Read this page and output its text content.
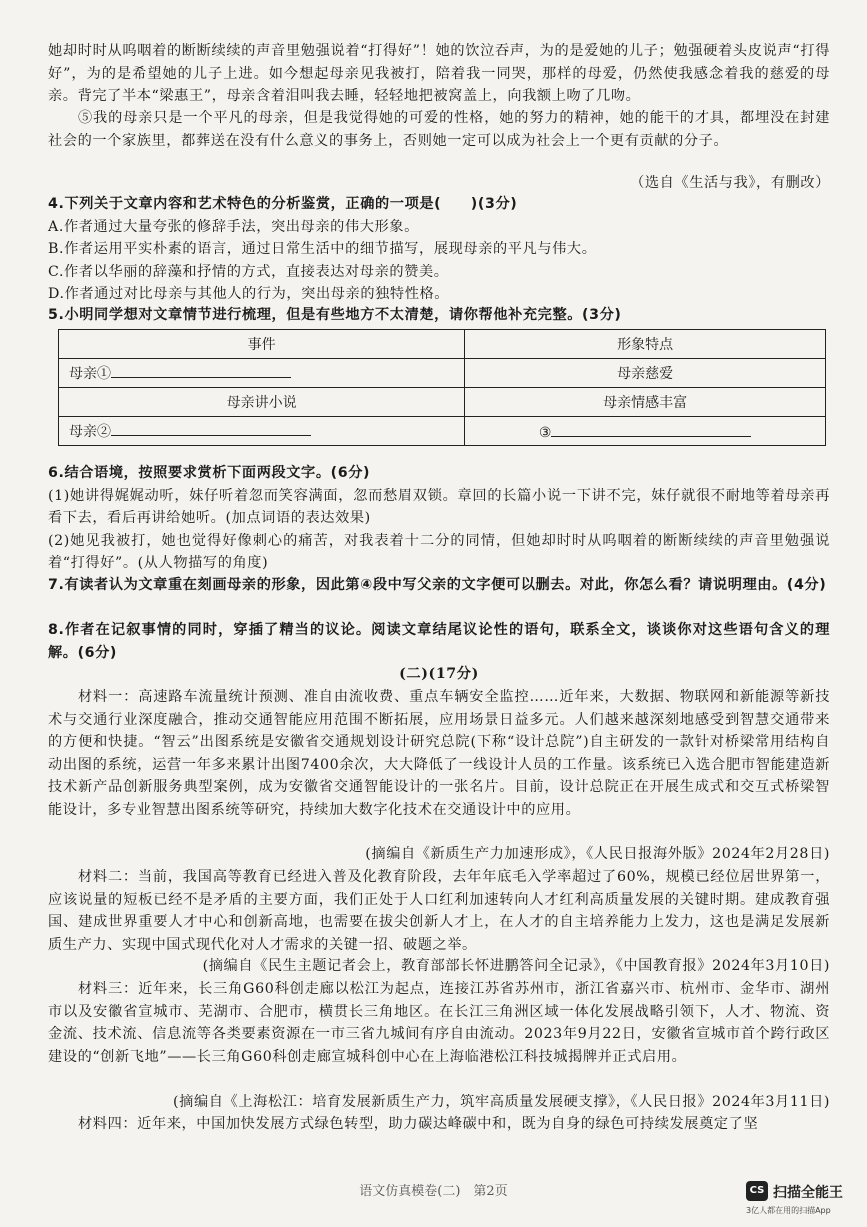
她却时时从呜咽着的断断续续的声音里勉强说着“打得好”！她的饮泣吞声，为的是爱她的儿子；勉强硬着头皮说声“打得好”，为的是希望她的儿子上进。如今想起母亲见我被打，陪着我一同哭，那样的母爱，仍然使我感念着我的慈爱的母亲。背完了半本“梁惠王”，母亲含着泪叫我去睡，轻轻地把被窝盖上，向我额上吻了几吻。
⑤我的母亲只是一个平凡的母亲，但是我觉得她的可爱的性格，她的努力的精神，她的能干的才具，都埋没在封建社会的一个家族里，都葬送在没有什么意义的事务上，否则她一定可以成为社会上一个更有贡献的分子。
（选自《生活与我》，有删改）
4.下列关于文章内容和艺术特色的分析鉴赏，正确的一项是(　　)(3分)
A.作者通过大量夸张的修辞手法，突出母亲的伟大形象。
B.作者运用平实朴素的语言，通过日常生活中的细节描写，展现母亲的平凡与伟大。
C.作者以华丽的辞藻和抒情的方式，直接表达对母亲的赞美。
D.作者通过对比母亲与其他人的行为，突出母亲的独特性格。
5.小明同学想对文章情节进行梳理，但是有些地方不太清楚，请你帮他补充完整。(3分)
事件	形象特点
母亲①	母亲慈爱
母亲讲小说	母亲情感丰富
母亲②	③
6.结合语境，按照要求赏析下面两段文字。(6分)
(1)她讲得娓娓动听，妹仔听着忽而笑容满面，忽而愁眉双锁。章回的长篇小说一下讲不完，妹仔就很不耐地等着母亲再看下去，看后再讲给她听。(加点词语的表达效果)
(2)她见我被打，她也觉得好像刺心的痛苦，对我表着十二分的同情，但她却时时从呜咽着的断断续续的声音里勉强说着“打得好”。(从人物描写的角度)
7.有读者认为文章重在刻画母亲的形象，因此第④段中写父亲的文字便可以删去。对此，你怎么看？请说明理由。(4分)
8.作者在记叙事情的同时，穿插了精当的议论。阅读文章结尾议论性的语句，联系全文，谈谈你对这些语句含义的理解。(6分)
(二)(17分)
材料一：高速路车流量统计预测、准自由流收费、重点车辆安全监控……近年来，大数据、物联网和新能源等新技术与交通行业深度融合，推动交通智能应用范围不断拓展，应用场景日益多元。人们越来越深刻地感受到智慧交通带来的方便和快捷。“智云”出图系统是安徽省交通规划设计研究总院(下称“设计总院”)自主研发的一款针对桥梁常用结构自动出图的系统，运营一年多来累计出图7400余次，大大降低了一线设计人员的工作量。该系统已入选合肥市智能建造新技术新产品创新服务典型案例，成为安徽省交通智能设计的一张名片。目前，设计总院正在开展生成式和交互式桥梁智能设计，多专业智慧出图系统等研究，持续加大数字化技术在交通设计中的应用。
(摘编自《新质生产力加速形成》，《人民日报海外版》2024年2月28日)
材料二：当前，我国高等教育已经进入普及化教育阶段，去年年底毛入学率超过了60%，规模已经位居世界第一，应该说量的短板已经不是矛盾的主要方面，我们正处于人口红利加速转向人才红利高质量发展的关键时期。建成教育强国、建成世界重要人才中心和创新高地，也需要在拔尖创新人才上，在人才的自主培养能力上发力，这也是满足发展新质生产力、实现中国式现代化对人才需求的关键一招、破题之举。
(摘编自《民生主题记者会上，教育部部长怀进鹏答问全记录》，《中国教育报》2024年3月10日)
材料三：近年来，长三角G60科创走廊以松江为起点，连接江苏省苏州市，浙江省嘉兴市、杭州市、金华市、湖州市以及安徽省宣城市、芜湖市、合肥市，横贯长三角地区。在长江三角洲区域一体化发展战略引领下，人才、物流、资金流、技术流、信息流等各类要素资源在一市三省九城间有序自由流动。2023年9月22日，安徽省宣城市首个跨行政区建设的“创新飞地”——长三角G60科创走廊宣城科创中心在上海临港松江科技城揭牌并正式启用。
(摘编自《上海松江：培育发展新质生产力，筑牢高质量发展硬支撑》，《人民日报》2024年3月11日)
材料四：近年来，中国加快发展方式绿色转型，助力碳达峰碳中和，既为自身的绿色可持续发展奠定了坚
语文仿真模卷(二)　第2页	CS 扫描全能王
3亿人都在用的扫描App
